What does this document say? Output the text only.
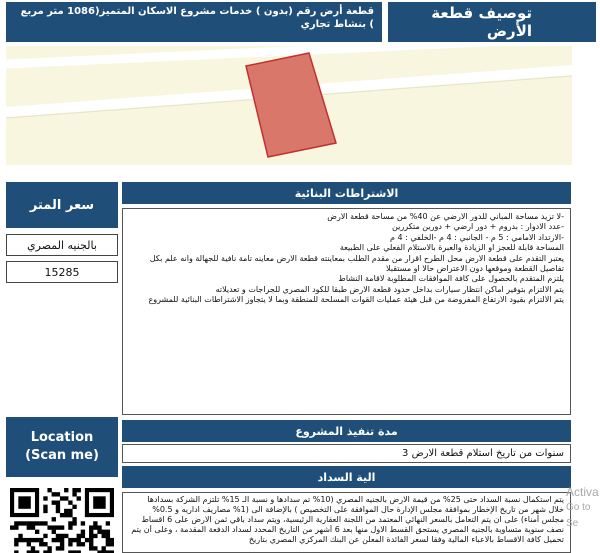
توصيف قطعة الأرض
قطعة أرض رقم (بدون ) خدمات مشروع الاسكان المتميز(1086 متر مربع ) بنشاط تجاري
سعر المتر
بالجنيه المصري
15285
الاشتراطات البنائية
-لا تزيد مساحة المباني للدور الارضي عن 40% من مساحة قطعة الارض
-عدد الادوار : بدروم + دور ارضي + دورين متكررين
-الارتداد الامامي : 5 م - الجانبي : 4 م -الخلفي : 4 م
المساحة قابلة للعجز او الزيادة والعبرة بالاستلام الفعلي على الطبيعة
يعتبر التقدم على قطعة الارض محل الطرح اقرار من مقدم الطلب بمعاينته قطعة الارض معاينه تامة نافية للجهالة وانه علم بكل
تفاصيل القطعة وموقعها دون الاعتراض حالا او مستقبلا
يلتزم المتقدم بالحصول على كافة الموافقات المطلوبة لاقامة النشاط
يتم الالتزام بتوفير اماكن انتظار سيارات بداخل حدود قطعة الارض طبقا للكود المصري للجراجات و تعديلاته
يتم الالتزام بقيود الارتفاع المفروضة من قبل هيئة عمليات القوات المسلحة للمنطقة وبما لا يتجاوز الاشتراطات البنائية للمشروع
Location
(Scan me)
مدة تنفيذ المشروع
سنوات من تاريخ استلام قطعة الارض 3
الية السداد
يتم استكمال نسبة السداد حتى 25% من قيمة الارض بالجنيه المصري (10% تم سدادها و نسبة الـ 15% تلتزم الشركة بسدادها
خلال شهر من تاريخ الإخطار بموافقة مجلس الإدارة حال الموافقة على التخصيص ) بالإضافة الى (1% مصاريف اداريه و 0.5%
مجلس أمناء) على ان يتم التعامل بالسعر النهائي المعتمد من اللجنة العقارية الرئيسية، ويتم سداد باقي ثمن الارض على 6 اقساط
نصف سنوية متساوية بالجنيه المصري يستحق القسط الاول منها بعد 6 أشهر من التاريخ المحدد لسداد الدفعة المقدمة ، وعلى أن يتم
تحميل كافة الاقساط بالاعباء المالية وفقا لسعر الفائدة المعلن عن البنك المركزي المصري بتاريخ
Activa
Go to Se
